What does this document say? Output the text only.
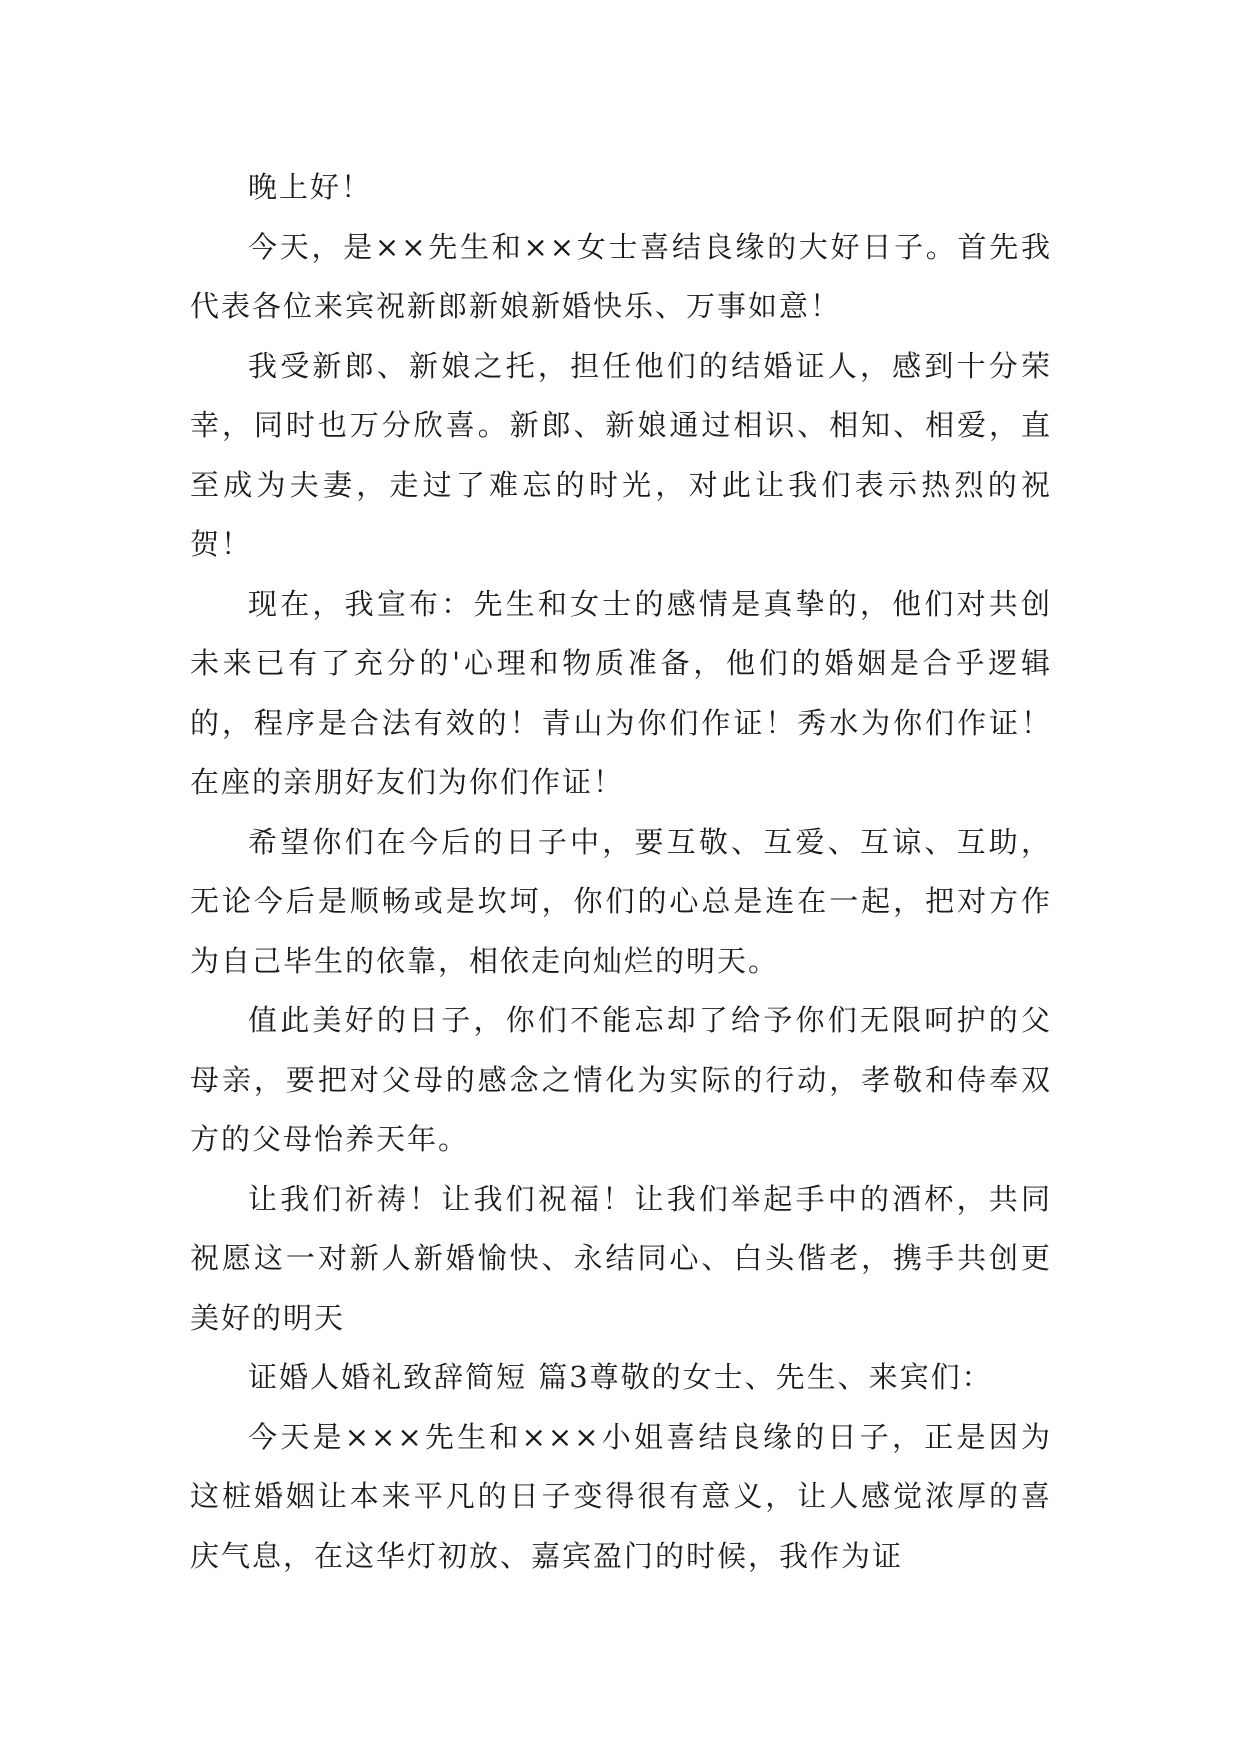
晚上好！

今天，是××先生和××女士喜结良缘的大好日子。首先我代表各位来宾祝新郎新娘新婚快乐、万事如意！

我受新郎、新娘之托，担任他们的结婚证人，感到十分荣幸，同时也万分欣喜。新郎、新娘通过相识、相知、相爱，直至成为夫妻，走过了难忘的时光，对此让我们表示热烈的祝贺！

现在，我宣布：先生和女士的感情是真挚的，他们对共创未来已有了充分的'心理和物质准备，他们的婚姻是合乎逻辑的，程序是合法有效的！青山为你们作证！秀水为你们作证！在座的亲朋好友们为你们作证！

希望你们在今后的日子中，要互敬、互爱、互谅、互助，无论今后是顺畅或是坎坷，你们的心总是连在一起，把对方作为自己毕生的依靠，相依走向灿烂的明天。

值此美好的日子，你们不能忘却了给予你们无限呵护的父母亲，要把对父母的感念之情化为实际的行动，孝敬和侍奉双方的父母怡养天年。

让我们祈祷！让我们祝福！让我们举起手中的酒杯，共同祝愿这一对新人新婚愉快、永结同心、白头偕老，携手共创更美好的明天

证婚人婚礼致辞简短 篇3尊敬的女士、先生、来宾们：

今天是×××先生和×××小姐喜结良缘的日子，正是因为这桩婚姻让本来平凡的日子变得很有意义，让人感觉浓厚的喜庆气息，在这华灯初放、嘉宾盈门的时候，我作为证
